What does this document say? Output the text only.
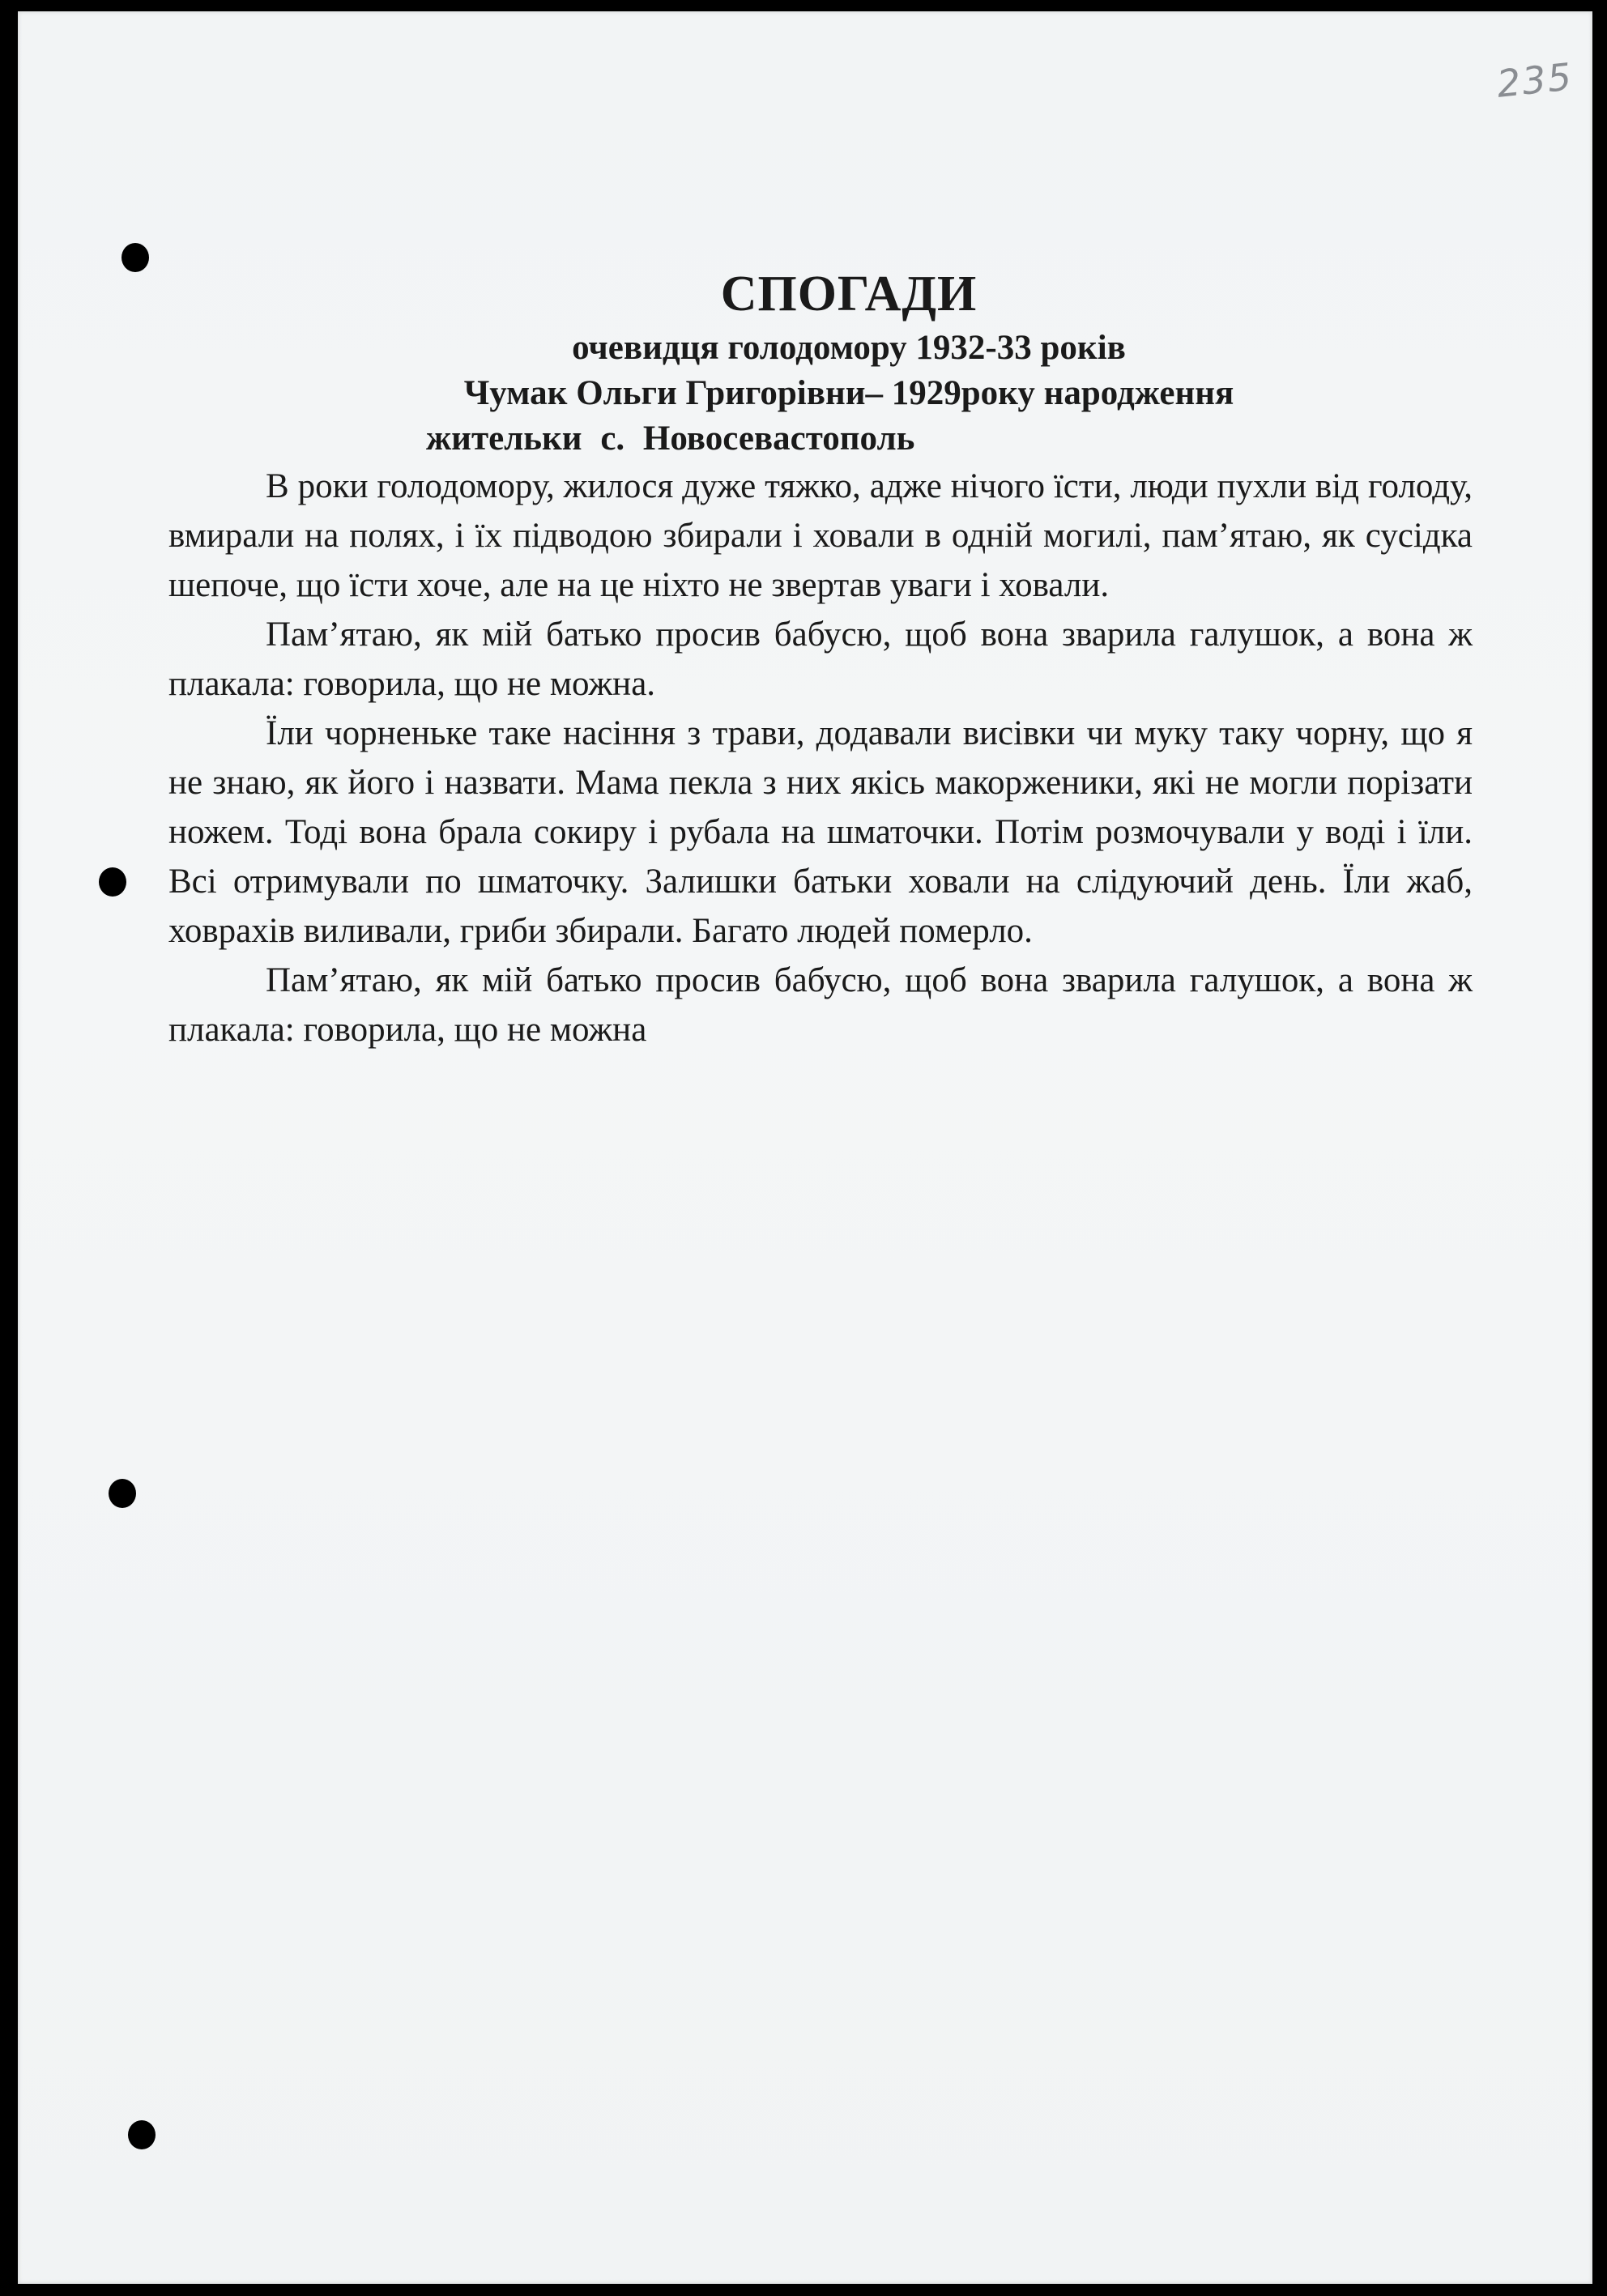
235
СПОГАДИ
очевидця голодомору 1932-33 років
Чумак Ольги Григорівни– 1929року народження
жительки с. Новосевастополь

В роки голодомору, жилося дуже тяжко, адже нічого їсти, люди пухли від голоду, вмирали на полях, і їх підводою збирали і ховали в одній могилі, пам’ятаю, як сусідка шепоче, що їсти хоче, але на це ніхто не звертав уваги і ховали.

Пам’ятаю, як мій батько просив бабусю, щоб вона зварила галушок, а вона ж плакала: говорила, що не можна.

Їли чорненьке таке насіння з трави, додавали висівки чи муку таку чорну, що я не знаю, як його і назвати. Мама пекла з них якісь макорженики, які не могли порізати ножем. Тоді вона брала сокиру і рубала на шматочки. Потім розмочували у воді і їли. Всі отримували по шматочку. Залишки батьки ховали на слідуючий день. Їли жаб, ховрахів виливали, гриби збирали. Багато людей померло.

Пам’ятаю, як мій батько просив бабусю, щоб вона зварила галушок, а вона ж плакала: говорила, що не можна
